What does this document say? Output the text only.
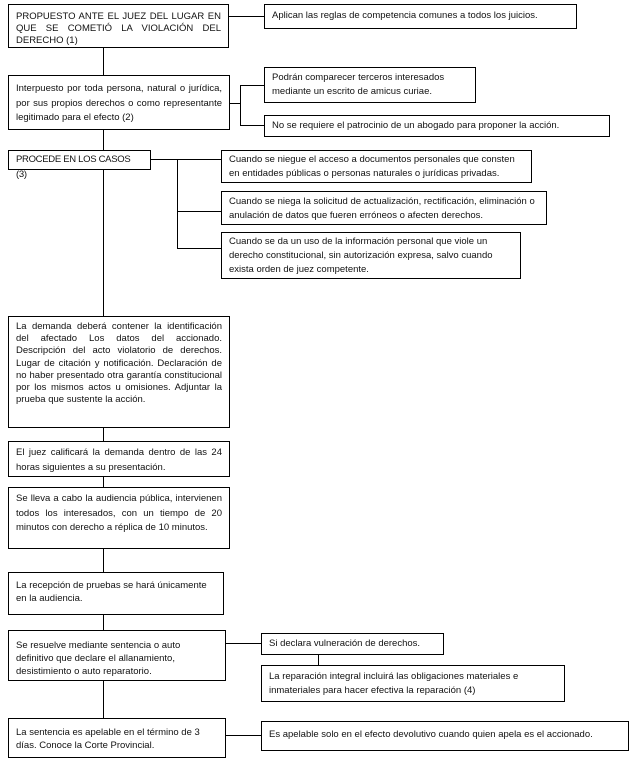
PROPUESTO ANTE EL JUEZ DEL LUGAR EN QUE SE COMETIÓ LA VIOLACIÓN DEL DERECHO (1)
Interpuesto por toda persona, natural o jurídica, por sus propios derechos o como representante legitimado para el efecto (2)
PROCEDE EN LOS CASOS (3)
La demanda deberá contener la identificación del afectado Los datos del accionado. Descripción del acto violatorio de derechos. Lugar de citación y notificación. Declaración de no haber presentado otra garantía constitucional por los mismos actos u omisiones. Adjuntar la prueba que sustente la acción.
El juez calificará la demanda dentro de las 24 horas siguientes a su presentación.
Se lleva a cabo la audiencia pública, intervienen todos los interesados, con un tiempo de 20 minutos con derecho a réplica de 10 minutos.
La recepción de pruebas se hará únicamente en la audiencia.
Se resuelve mediante sentencia o auto definitivo que declare el allanamiento, desistimiento o auto reparatorio.
La sentencia es apelable en el término de 3 días. Conoce la Corte Provincial.
Aplican las reglas de competencia comunes a todos los juicios.
Podrán comparecer terceros interesados mediante un escrito de amicus curiae.
No se requiere el patrocinio de un abogado para proponer la acción.
Cuando se niegue el acceso a documentos personales que consten en entidades públicas o personas naturales o jurídicas privadas.
Cuando se niega la solicitud de actualización, rectificación, eliminación o anulación de datos que fueren erróneos o afecten derechos.
Cuando se da un uso de la información personal que viole un derecho constitucional, sin autorización expresa, salvo cuando exista orden de juez competente.
Si declara vulneración de derechos.
La reparación integral incluirá las obligaciones materiales e inmateriales para hacer efectiva la reparación (4)
Es apelable solo en el efecto devolutivo cuando quien apela es el accionado.
